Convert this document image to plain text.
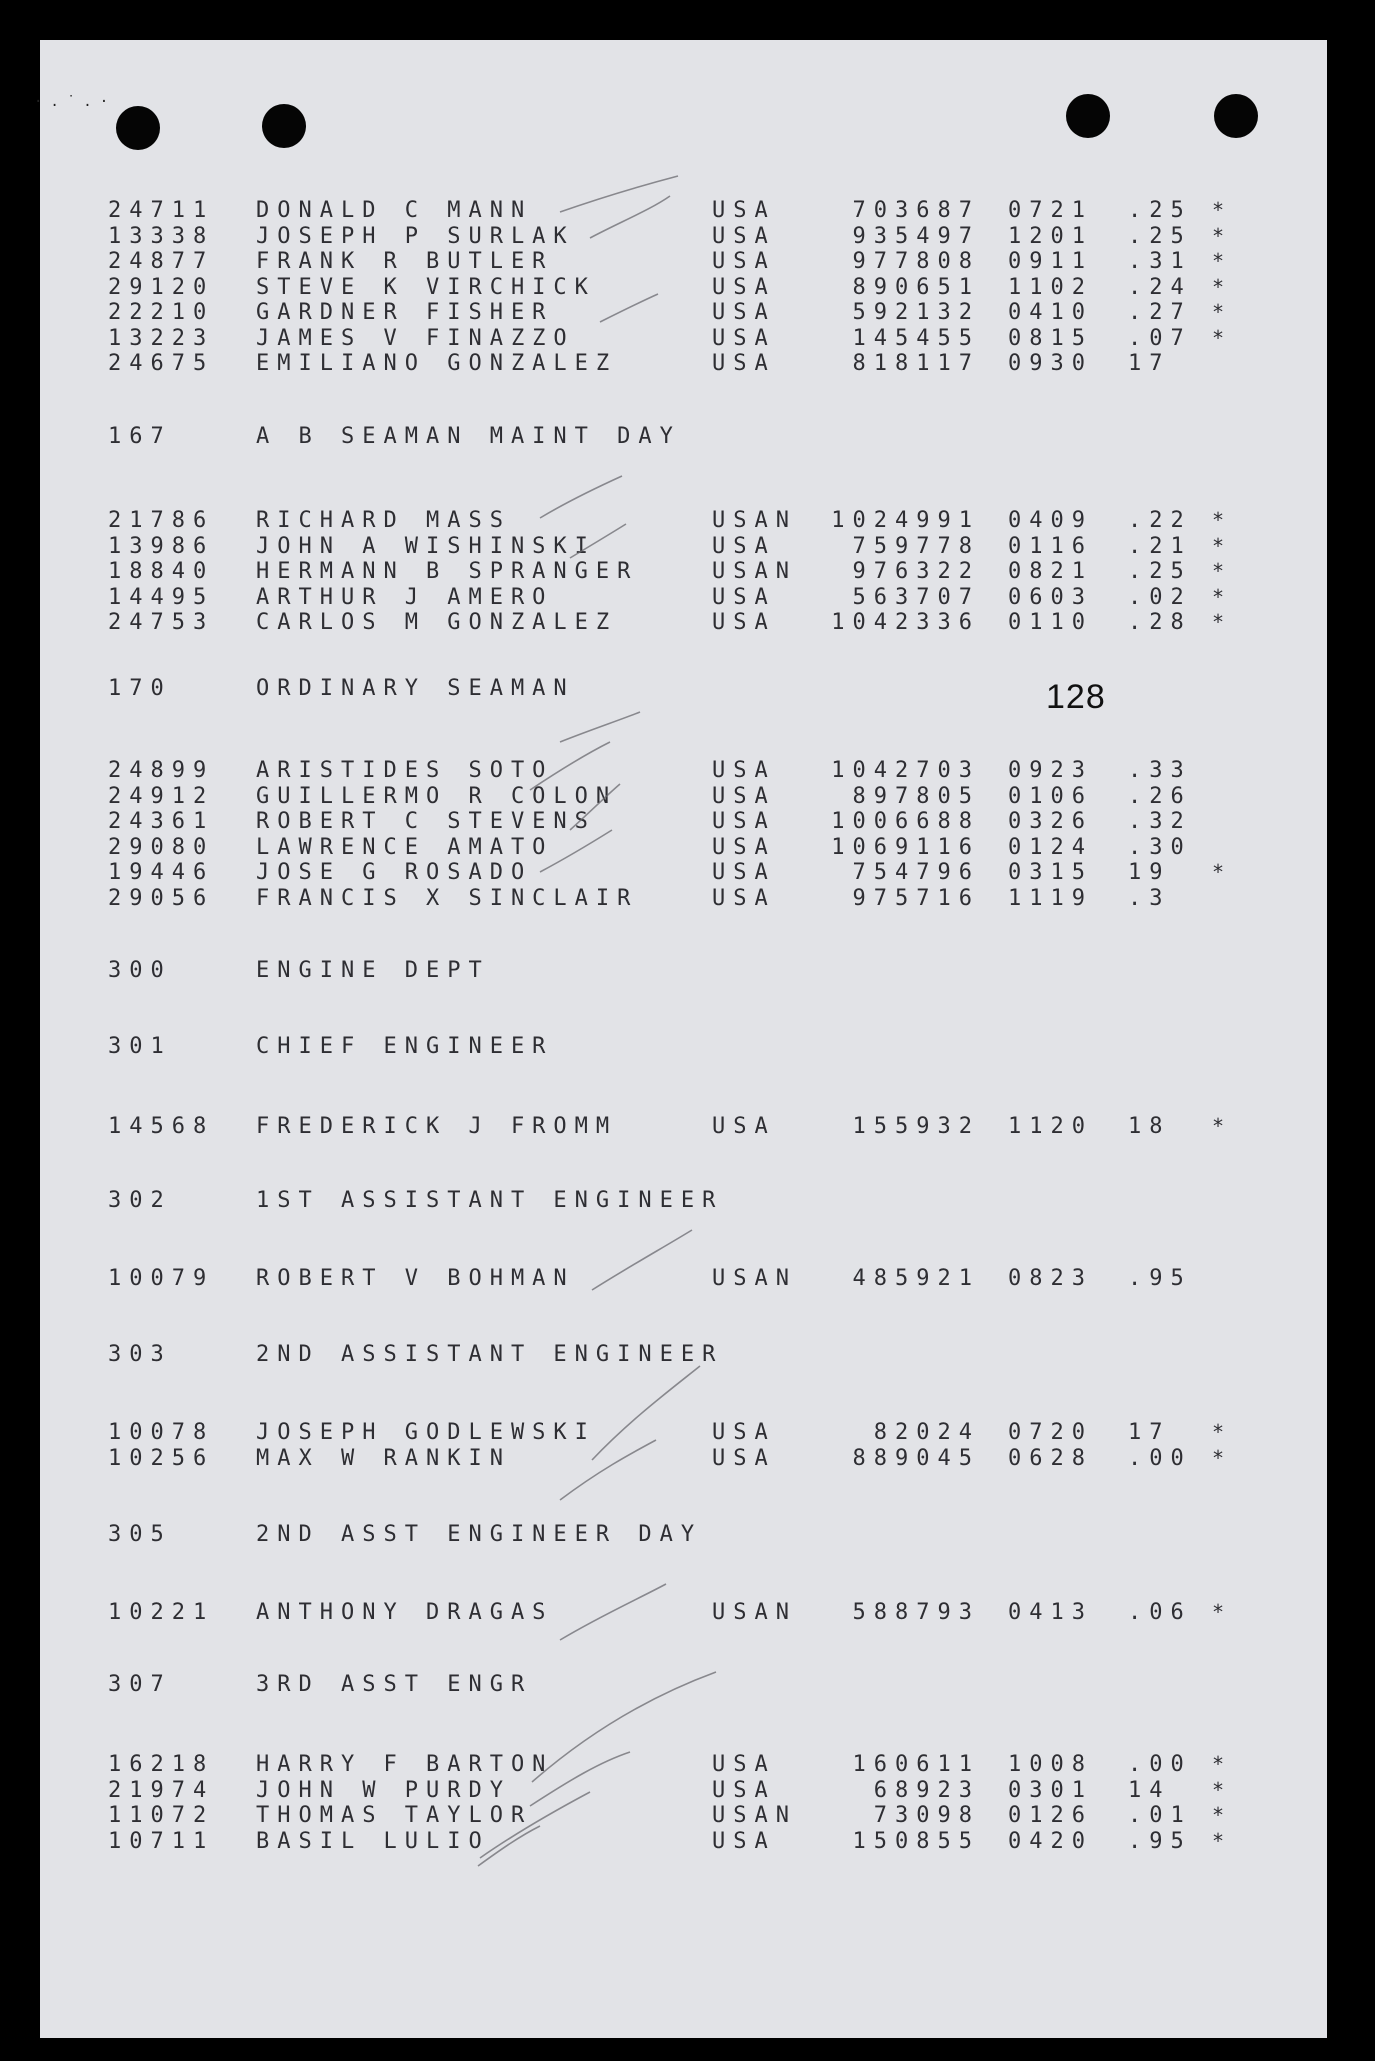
·.˙.·
128
24711 DONALD C MANN	USA	703687 0721 .25 *
13338 JOSEPH P SURLAK	USA	935497 1201 .25 *
24877 FRANK R BUTLER	USA	977808 0911 .31 *
29120 STEVE K VIRCHICK	USA	890651 1102 .24 *
22210 GARDNER FISHER	USA	592132 0410 .27 *
13223 JAMES V FINAZZO	USA	145455 0815 .07 *
24675 EMILIANO GONZALEZ	USA	818117 0930 17
167	A B SEAMAN MAINT DAY
21786 RICHARD MASS	USAN	1024991 0409 .22 *
13986 JOHN A WISHINSKI	USA	759778 0116 .21 *
18840 HERMANN B SPRANGER	USAN	976322 0821 .25 *
14495 ARTHUR J AMERO	USA	563707 0603 .02 *
24753 CARLOS M GONZALEZ	USA	1042336 0110 .28 *
170	ORDINARY SEAMAN
24899 ARISTIDES SOTO	USA	1042703 0923 .33
24912 GUILLERMO R COLON	USA	897805 0106 .26
24361 ROBERT C STEVENS	USA	1006688 0326 .32
29080 LAWRENCE AMATO	USA	1069116 0124 .30
19446 JOSE G ROSADO	USA	754796 0315 19 *
29056 FRANCIS X SINCLAIR	USA	975716 1119 .3
300	ENGINE DEPT
301	CHIEF ENGINEER
14568 FREDERICK J FROMM	USA	155932 1120 18 *
302	1ST ASSISTANT ENGINEER
10079 ROBERT V BOHMAN	USAN	485921 0823 .95
303	2ND ASSISTANT ENGINEER
10078 JOSEPH GODLEWSKI	USA	82024 0720 17 *
10256 MAX W RANKIN	USA	889045 0628 .00 *
305	2ND ASST ENGINEER DAY
10221 ANTHONY DRAGAS	USAN	588793 0413 .06 *
307	3RD ASST ENGR
16218 HARRY F BARTON	USA	160611 1008 .00 *
21974 JOHN W PURDY	USA	68923 0301 14 *
11072 THOMAS TAYLOR	USAN	73098 0126 .01 *
10711 BASIL LULIO	USA	150855 0420 .95 *
